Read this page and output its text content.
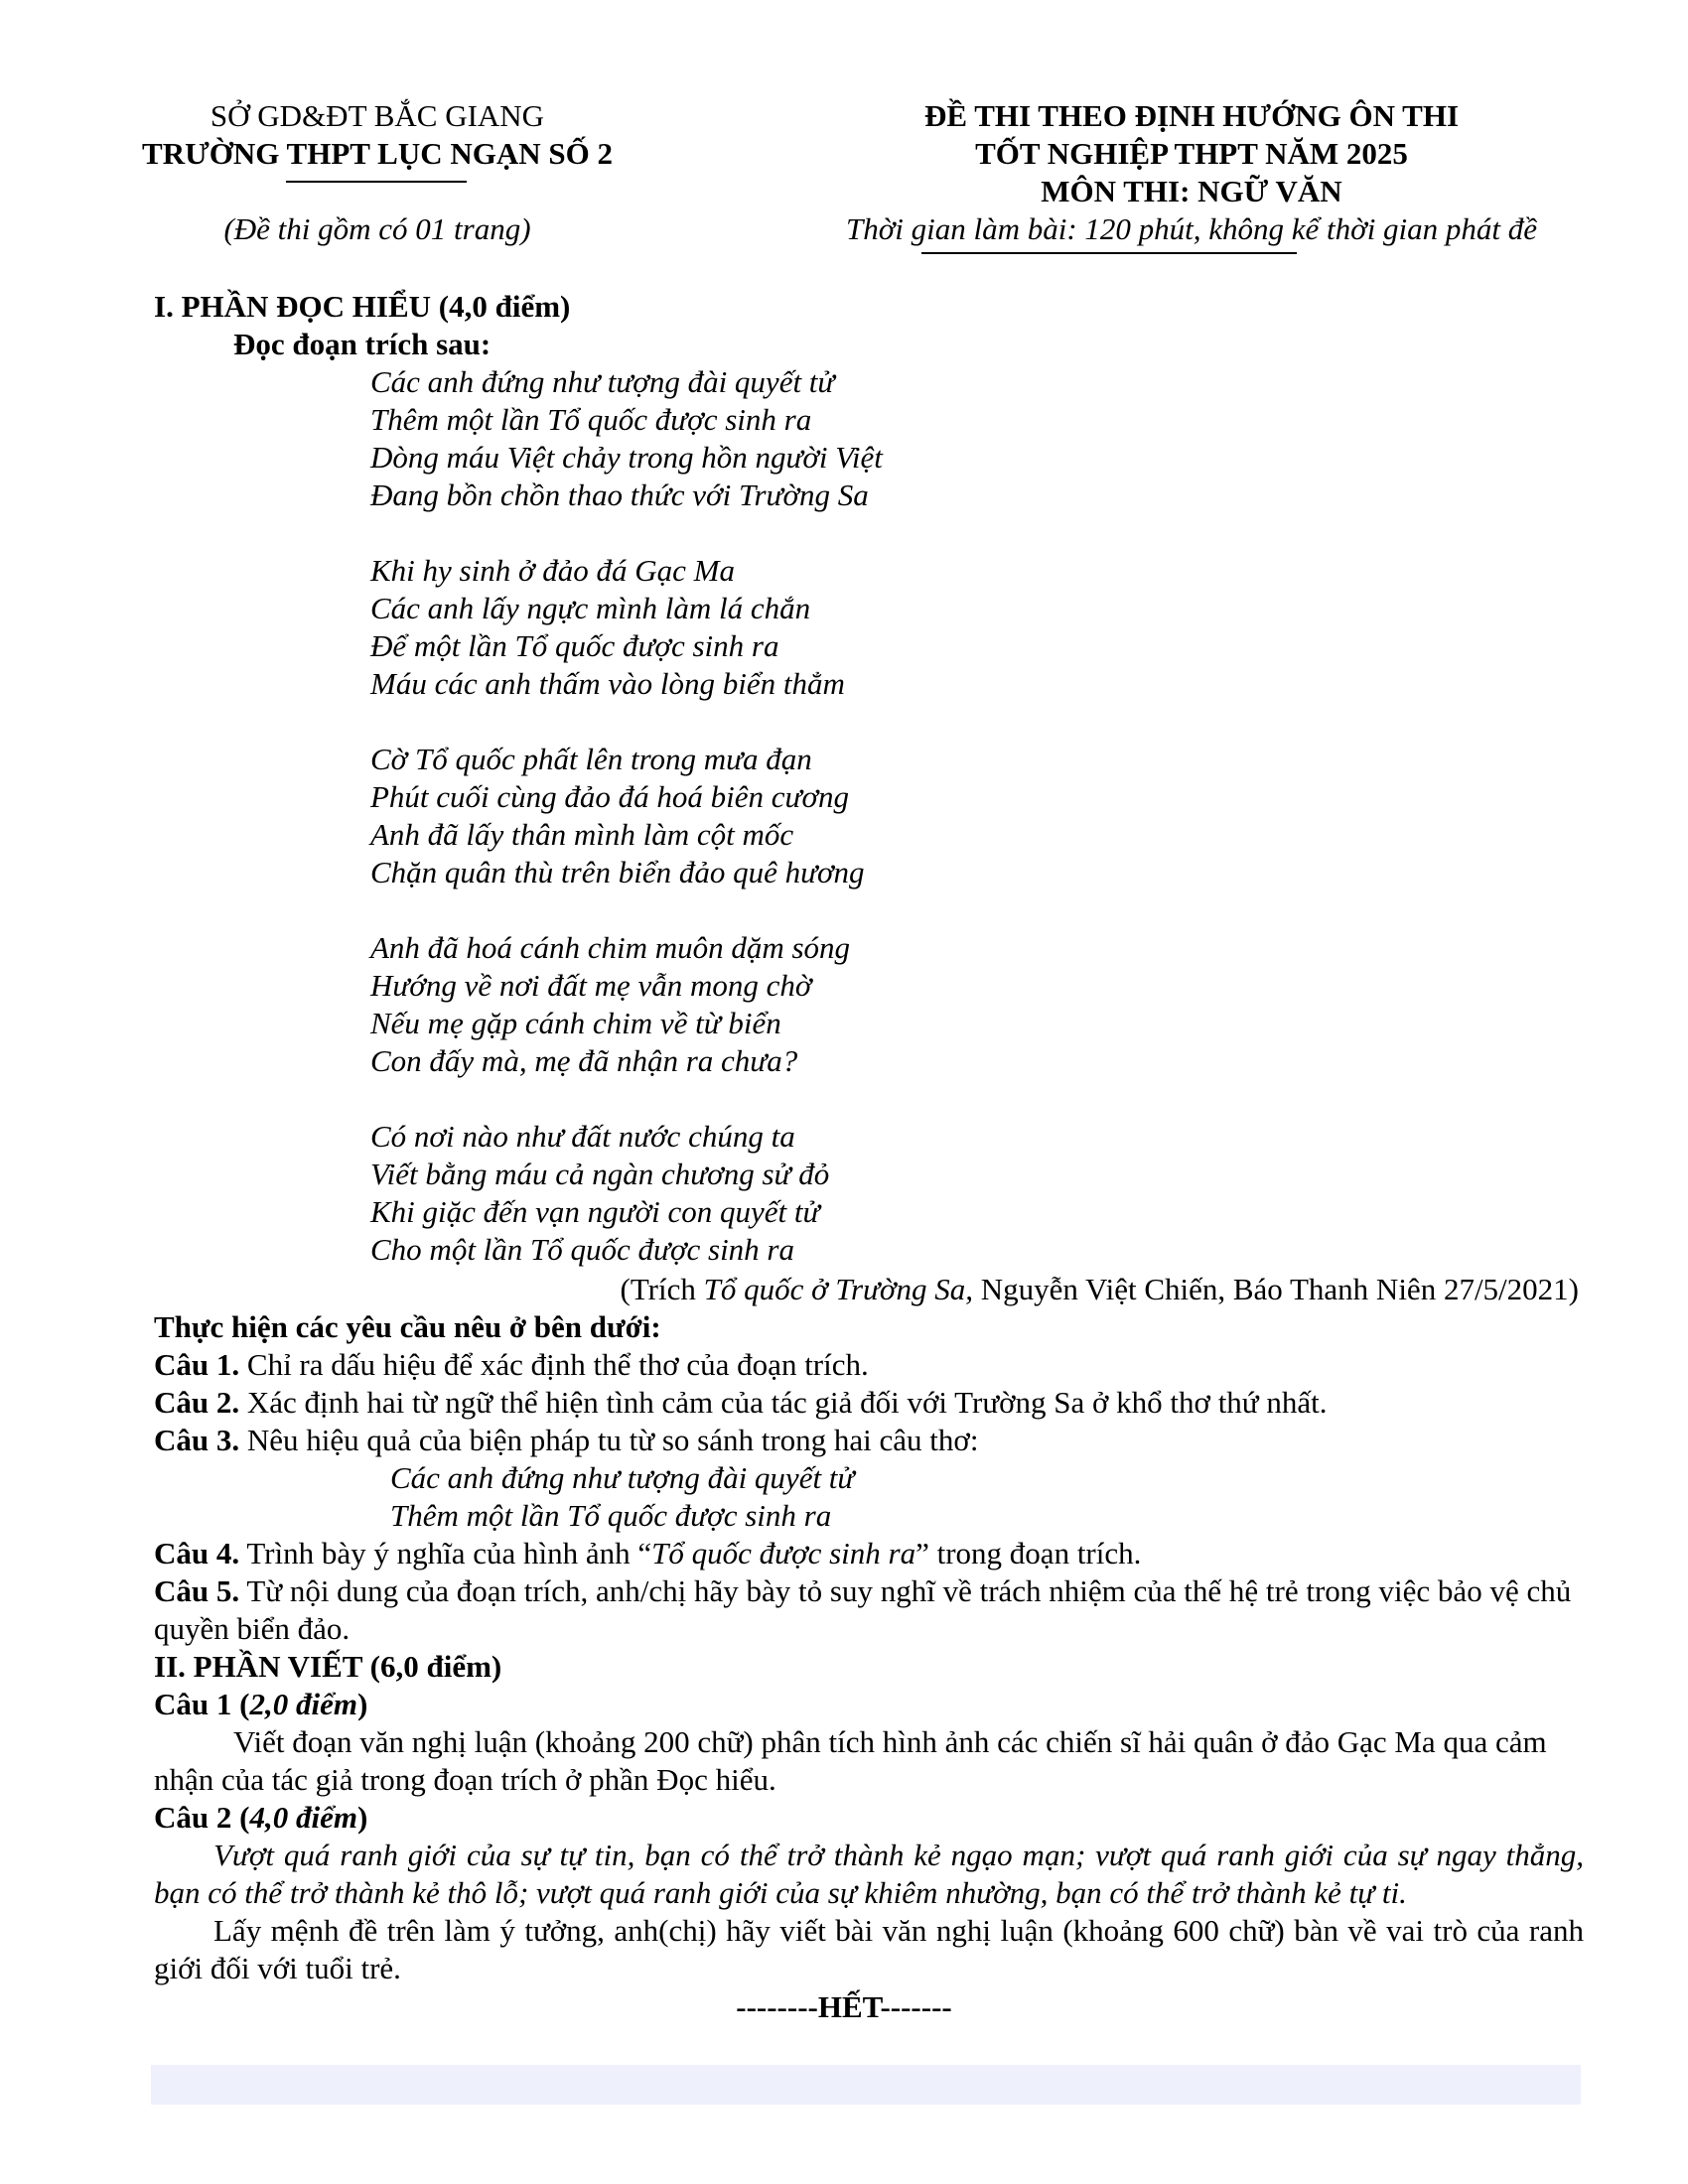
SỞ GD&ĐT BẮC GIANG
TRƯỜNG THPT LỤC NGẠN SỐ 2
(Đề thi gồm có 01 trang)
ĐỀ THI THEO ĐỊNH HƯỚNG ÔN THI
TỐT NGHIỆP THPT NĂM 2025
MÔN THI: NGỮ VĂN
Thời gian làm bài: 120 phút, không kể thời gian phát đề
I. PHẦN ĐỌC HIỂU (4,0 điểm)
Đọc đoạn trích sau:
Các anh đứng như tượng đài quyết tử
Thêm một lần Tổ quốc được sinh ra
Dòng máu Việt chảy trong hồn người Việt
Đang bồn chồn thao thức với Trường Sa
Khi hy sinh ở đảo đá Gạc Ma
Các anh lấy ngực mình làm lá chắn
Để một lần Tổ quốc được sinh ra
Máu các anh thấm vào lòng biển thẳm
Cờ Tổ quốc phất lên trong mưa đạn
Phút cuối cùng đảo đá hoá biên cương
Anh đã lấy thân mình làm cột mốc
Chặn quân thù trên biển đảo quê hương
Anh đã hoá cánh chim muôn dặm sóng
Hướng về nơi đất mẹ vẫn mong chờ
Nếu mẹ gặp cánh chim về từ biển
Con đấy mà, mẹ đã nhận ra chưa?
Có nơi nào như đất nước chúng ta
Viết bằng máu cả ngàn chương sử đỏ
Khi giặc đến vạn người con quyết tử
Cho một lần Tổ quốc được sinh ra
(Trích Tổ quốc ở Trường Sa, Nguyễn Việt Chiến, Báo Thanh Niên 27/5/2021)
Thực hiện các yêu cầu nêu ở bên dưới:
Câu 1. Chỉ ra dấu hiệu để xác định thể thơ của đoạn trích.
Câu 2. Xác định hai từ ngữ thể hiện tình cảm của tác giả đối với Trường Sa ở khổ thơ thứ nhất.
Câu 3. Nêu hiệu quả của biện pháp tu từ so sánh trong hai câu thơ:
Các anh đứng như tượng đài quyết tử
Thêm một lần Tổ quốc được sinh ra
Câu 4. Trình bày ý nghĩa của hình ảnh “Tổ quốc được sinh ra” trong đoạn trích.
Câu 5. Từ nội dung của đoạn trích, anh/chị hãy bày tỏ suy nghĩ về trách nhiệm của thế hệ trẻ trong việc bảo vệ chủ quyền biển đảo.
II. PHẦN VIẾT (6,0 điểm)
Câu 1 (2,0 điểm)
Viết đoạn văn nghị luận (khoảng 200 chữ) phân tích hình ảnh các chiến sĩ hải quân ở đảo Gạc Ma qua cảm nhận của tác giả trong đoạn trích ở phần Đọc hiểu.
Câu 2 (4,0 điểm)
Vượt quá ranh giới của sự tự tin, bạn có thể trở thành kẻ ngạo mạn; vượt quá ranh giới của sự ngay thẳng, bạn có thể trở thành kẻ thô lỗ; vượt quá ranh giới của sự khiêm nhường, bạn có thể trở thành kẻ tự ti.
Lấy mệnh đề trên làm ý tưởng, anh(chị) hãy viết bài văn nghị luận (khoảng 600 chữ) bàn về vai trò của ranh giới đối với tuổi trẻ.
--------HẾT-------
